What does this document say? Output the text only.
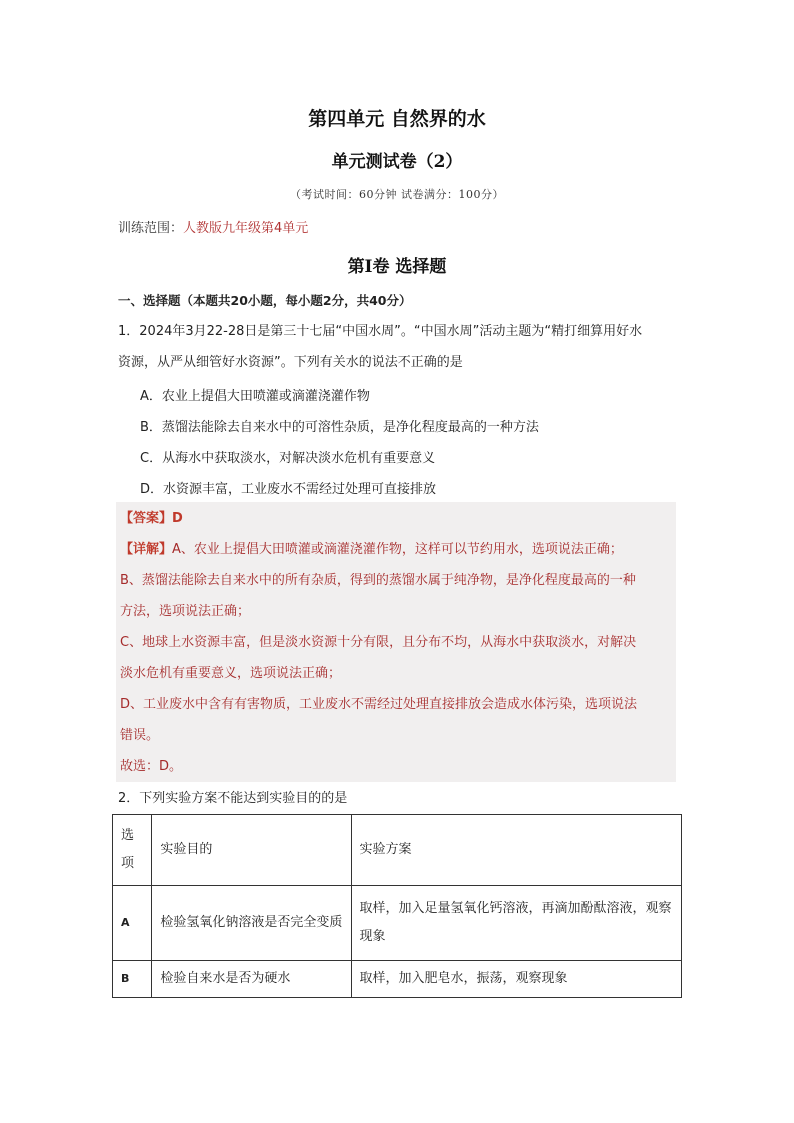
第四单元 自然界的水
单元测试卷（2）
（考试时间：60分钟 试卷满分：100分）
训练范围：人教版九年级第4单元
第Ⅰ卷 选择题
一、选择题（本题共20小题，每小题2分，共40分）
1．2024年3月22-28日是第三十七届“中国水周”。“中国水周”活动主题为“精打细算用好水
资源，从严从细管好水资源”。下列有关水的说法不正确的是
A．农业上提倡大田喷灌或滴灌浇灌作物
B．蒸馏法能除去自来水中的可溶性杂质，是净化程度最高的一种方法
C．从海水中获取淡水，对解决淡水危机有重要意义
D．水资源丰富，工业废水不需经过处理可直接排放
【答案】D
【详解】A、农业上提倡大田喷灌或滴灌浇灌作物，这样可以节约用水，选项说法正确；
B、蒸馏法能除去自来水中的所有杂质，得到的蒸馏水属于纯净物，是净化程度最高的一种
方法，选项说法正确；
C、地球上水资源丰富，但是淡水资源十分有限，且分布不均，从海水中获取淡水，对解决
淡水危机有重要意义，选项说法正确；
D、工业废水中含有有害物质，工业废水不需经过处理直接排放会造成水体污染，选项说法
错误。
故选：D。
2．下列实验方案不能达到实验目的的是
选项	实验目的	实验方案
A	检验氢氧化钠溶液是否完全变质	取样，加入足量氢氧化钙溶液，再滴加酚酞溶液，观察现象
B	检验自来水是否为硬水	取样，加入肥皂水，振荡，观察现象
